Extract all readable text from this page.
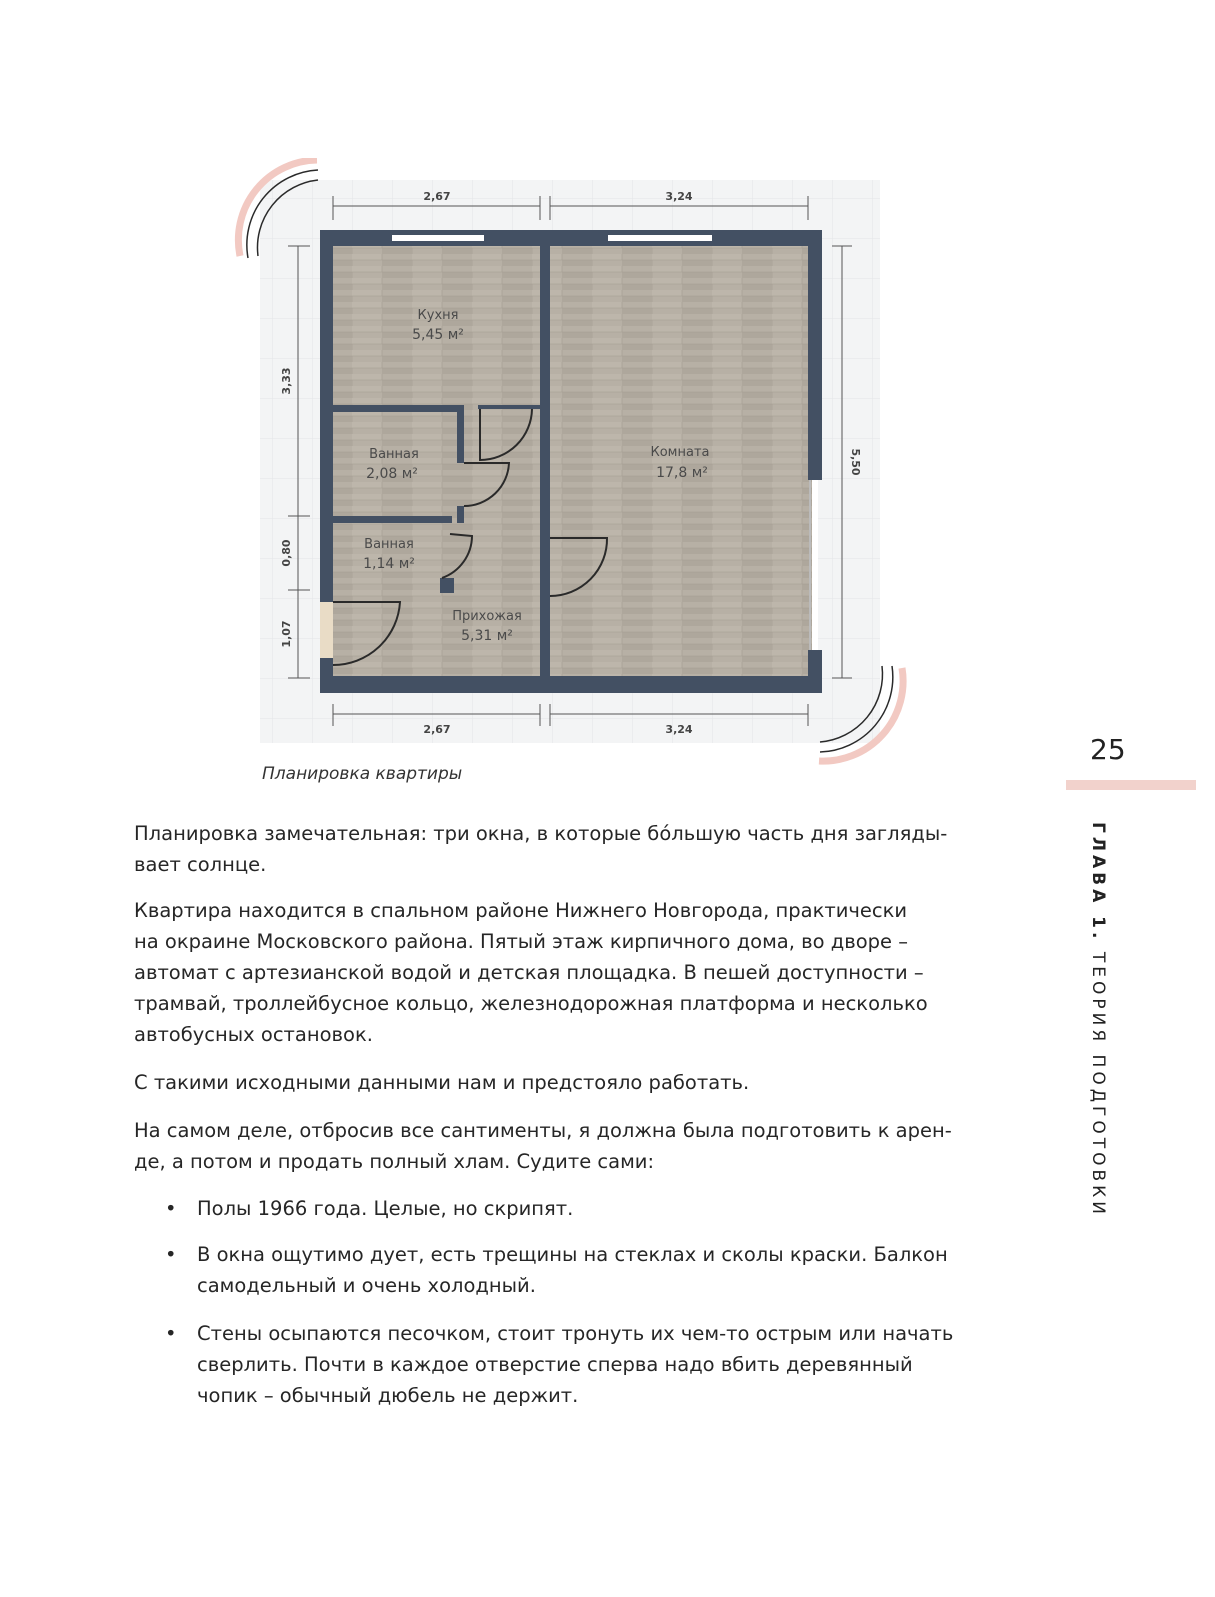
2,67	3,24
2,67	3,24
3,33
0,80
1,07
5,50
Кухня
5,45 м²
Комната
17,8 м²
Ванная
2,08 м²
Ванная
1,14 м²
Прихожая
5,31 м²
Планировка квартиры
Планировка замечательная: три окна, в которые бóльшую часть дня загляды-
вает солнце.
Квартира находится в спальном районе Нижнего Новгорода, практически
на окраине Московского района. Пятый этаж кирпичного дома, во дворе –
автомат с артезианской водой и детская площадка. В пешей доступности –
трамвай, троллейбусное кольцо, железнодорожная платформа и несколько
автобусных остановок.
С такими исходными данными нам и предстояло работать.
На самом деле, отбросив все сантименты, я должна была подготовить к арен-
де, а потом и продать полный хлам. Судите сами:
• Полы 1966 года. Целые, но скрипят.
• В окна ощутимо дует, есть трещины на стеклах и сколы краски. Балкон
самодельный и очень холодный.
• Стены осыпаются песочком, стоит тронуть их чем-то острым или начать
сверлить. Почти в каждое отверстие сперва надо вбить деревянный
чопик – обычный дюбель не держит.
25
ГЛАВА 1. ТЕОРИЯ ПОДГОТОВКИ
